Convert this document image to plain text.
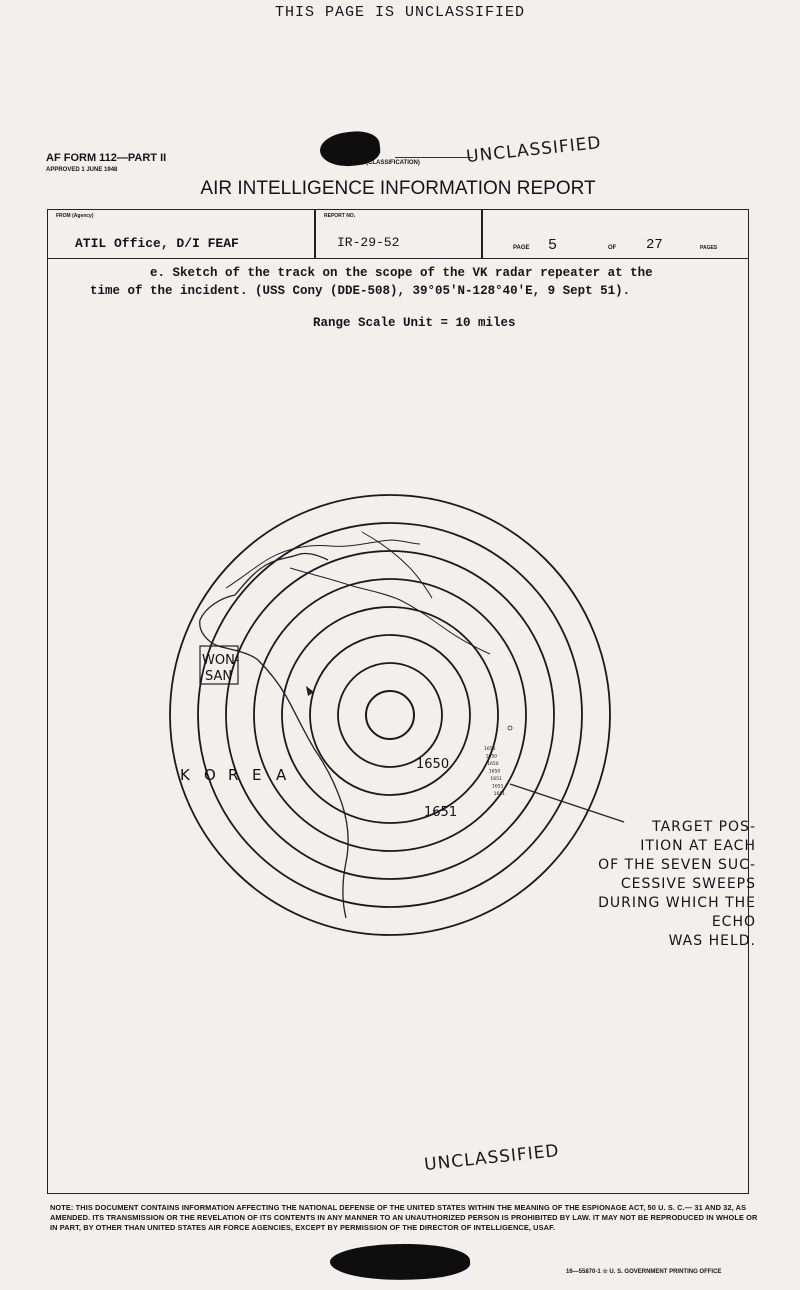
THIS PAGE IS UNCLASSIFIED
AF FORM 112—PART II
APPROVED 1 JUNE 1948
(CLASSIFICATION)	UNCLASSIFIED
AIR INTELLIGENCE INFORMATION REPORT
FROM (Agency)	REPORT NO.
ATIL Office, D/I FEAF	IR-29-52	PAGE 5	OF 27	PAGES
e. Sketch of the track on the scope of the VK radar repeater at the
time of the incident. (USS Cony (DDE-508), 39°05'N-128°40'E, 9 Sept 51).
Range Scale Unit = 10 miles
1650
1650
1650
1650
1651
1651
1651
WON-
SAN
K O R E A
1650
1651
TARGET POS-
ITION AT EACH
OF THE SEVEN SUC-
CESSIVE SWEEPS
DURING WHICH THE ECHO
WAS HELD.
UNCLASSIFIED
NOTE: THIS DOCUMENT CONTAINS INFORMATION AFFECTING THE NATIONAL DEFENSE OF THE UNITED STATES WITHIN THE MEANING OF THE ESPIONAGE ACT, 50 U. S. C.— 31 AND 32, AS AMENDED. ITS TRANSMISSION OR THE REVELATION OF ITS CONTENTS IN ANY MANNER TO AN UNAUTHORIZED PERSON IS PROHIBITED BY LAW. IT MAY NOT BE REPRODUCED IN WHOLE OR IN PART, BY OTHER THAN UNITED STATES AIR FORCE AGENCIES, EXCEPT BY PERMISSION OF THE DIRECTOR OF INTELLIGENCE, USAF.
16—55870-1 ☆ U. S. GOVERNMENT PRINTING OFFICE
